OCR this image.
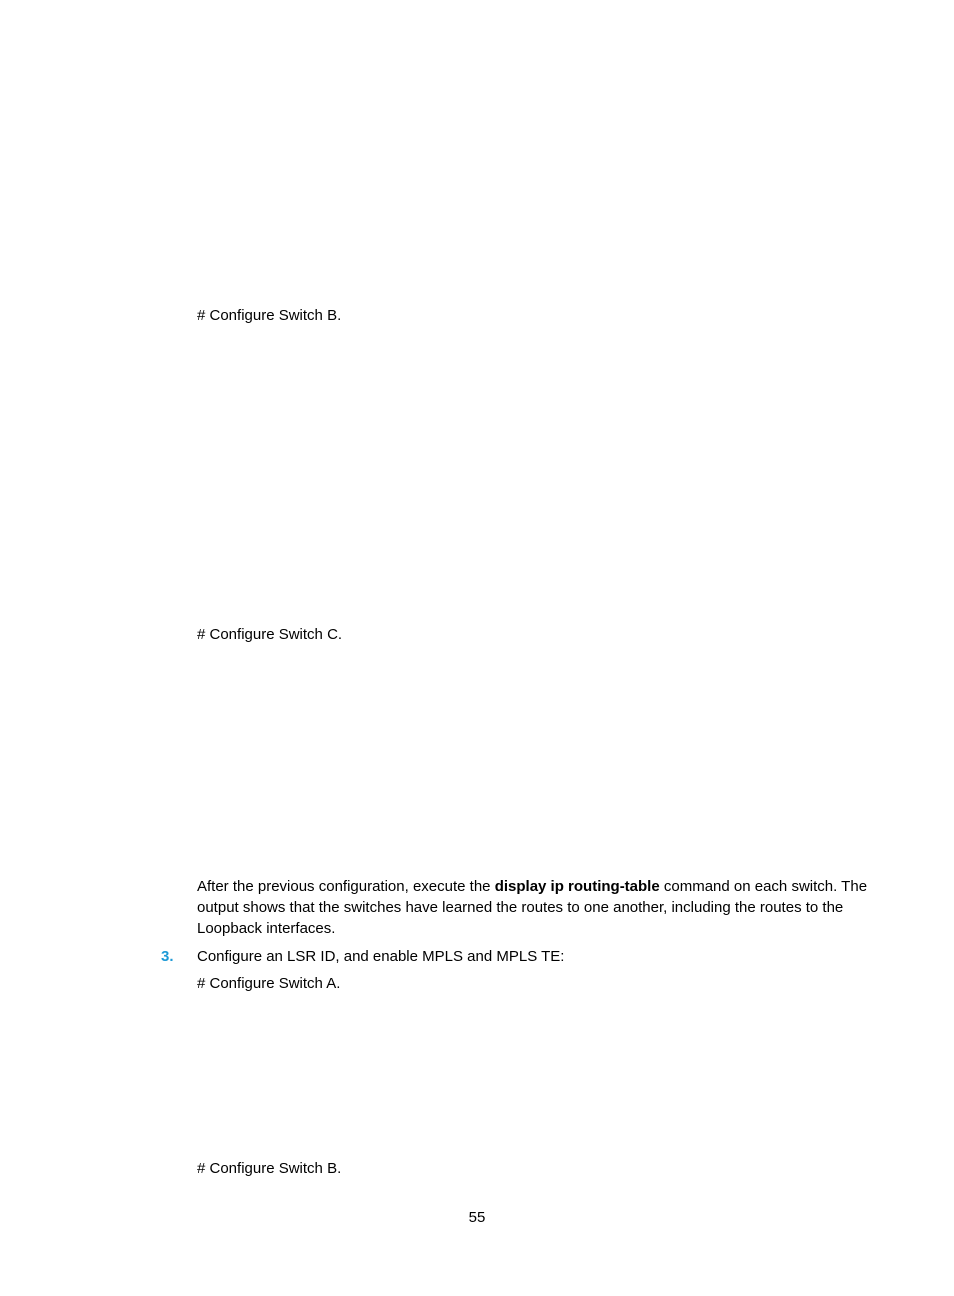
# Configure Switch B.
# Configure Switch C.
After the previous configuration, execute the display ip routing-table command on each switch. The output shows that the switches have learned the routes to one another, including the routes to the Loopback interfaces.
3. Configure an LSR ID, and enable MPLS and MPLS TE:
# Configure Switch A.
# Configure Switch B.
55
